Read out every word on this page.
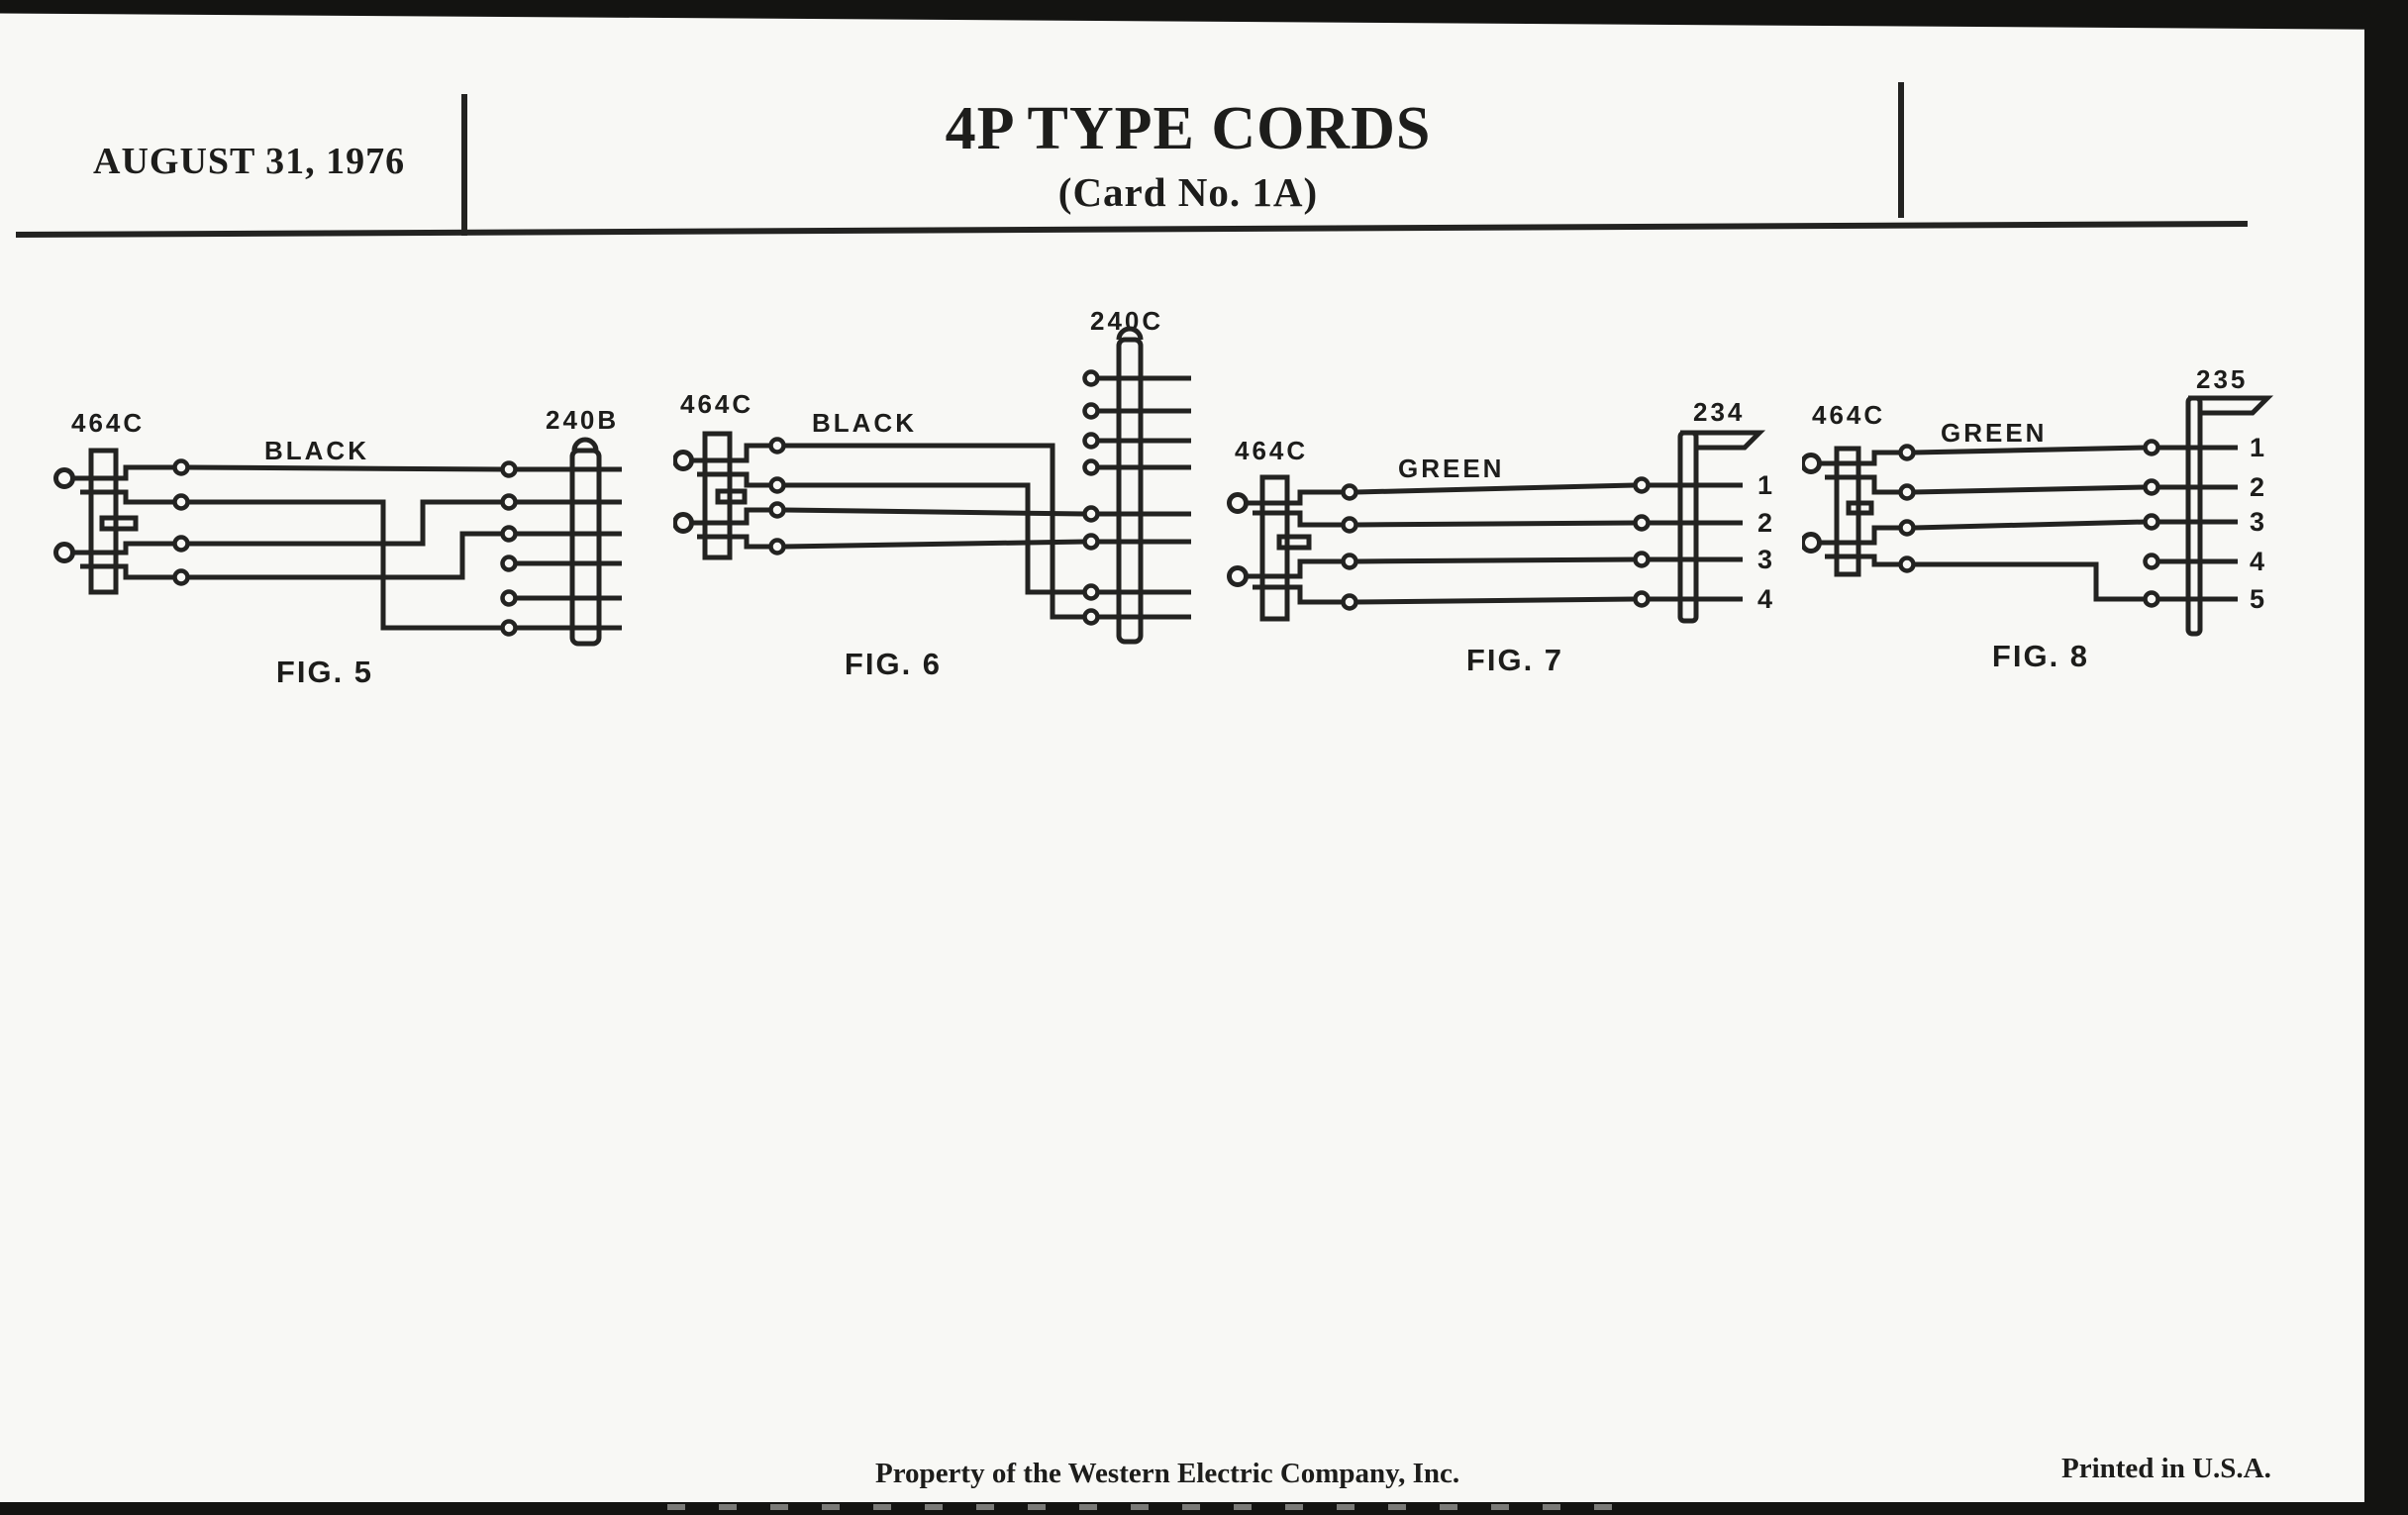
AUGUST 31, 1976	4P TYPE CORDS
(Card No. 1A)
464C
BLACK
240B
FIG. 5
464C
BLACK
240C
FIG. 6
464C
GREEN
234
1
2
3
4
FIG. 7
464C
GREEN
235
1
2
3
4
5
FIG. 8
Property of the Western Electric Company, Inc.	Printed in U.S.A.
